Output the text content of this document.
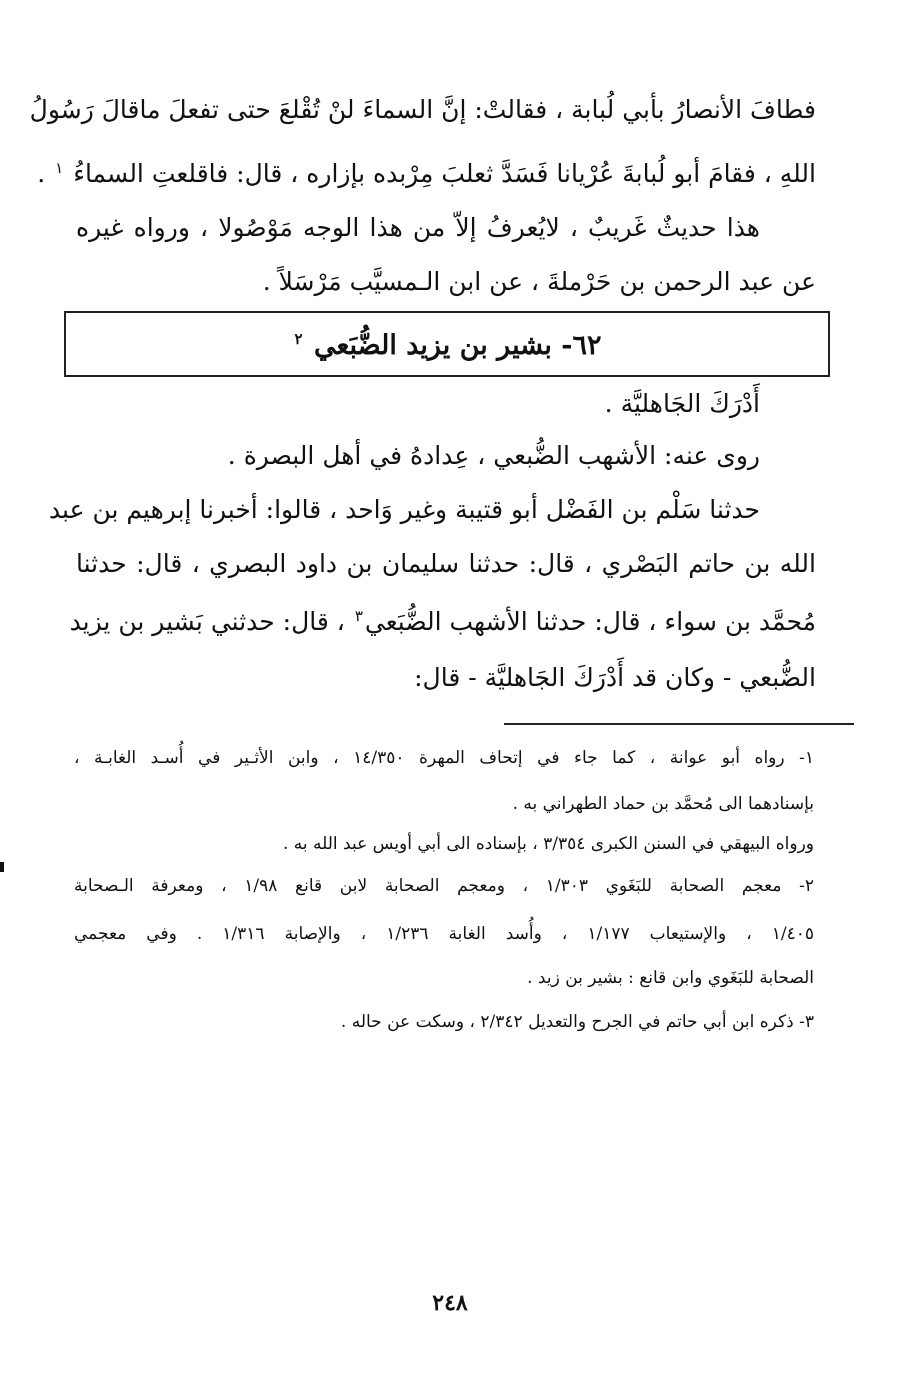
فطافَ الأنصارُ بأبي لُبابة ، فقالتْ: إنَّ السماءَ لنْ تُقْلعَ حتى تفعلَ ماقالَ رَسُولُ
اللهِ ، فقامَ أبو لُبابةَ عُرْيانا فَسَدَّ ثعلبَ مِرْبده بإزاره ، قال: فاقلعتِ السماءُ $^١$ .
هذا حديثٌ غَريبٌ ، لايُعرفُ إلاّ من هذا الوجه مَوْصُولا ، ورواه غيره
عن عبد الرحمن بن حَرْملةَ ، عن ابن الـمسيَّب مَرْسَلاً .
٦٢- بشير بن يزيد الضُّبَعي $^٢$
أَدْرَكَ الجَاهليَّة .
روى عنه: الأشهب الضُّبعي ، عِدادهُ في أهل البصرة .
حدثنا سَلْم بن الفَضْل أبو قتيبة وغير وَاحد ، قالوا: أخبرنا إبرهيم بن عبد
الله بن حاتم البَصْري ، قال: حدثنا سليمان بن داود البصري ، قال: حدثنا
مُحمَّد بن سواء ، قال: حدثنا الأشهب الضُّبَعي$^٣$ ، قال: حدثني بَشير بن يزيد
الضُّبعي - وكان قد أَدْرَكَ الجَاهليَّة - قال:
١- رواه أبو عوانة ، كما جاء في إتحاف المهرة ١٤/٣٥٠ ، وابن الأثـير في أُسـد الغابـة ،
بإسنادهما الى مُحمَّد بن حماد الطهراني به .
ورواه البيهقي في السنن الكبرى ٣/٣٥٤ ، بإسناده الى أبي أويس عبد الله به .
٢- معجم الصحابة للبَغَوي ١/٣٠٣ ، ومعجم الصحابة لابن قانع ١/٩٨ ، ومعرفة الـصحابة
١/٤٠٥ ، والإستيعاب ١/١٧٧ ، وأُسد الغابة ١/٢٣٦ ، والإصابة ١/٣١٦ . وفي معجمي
الصحابة للبَغَوي وابن قانع : بشير بن زيد .
٣- ذكره ابن أبي حاتم في الجرح والتعديل ٢/٣٤٢ ، وسكت عن حاله .
٢٤٨
